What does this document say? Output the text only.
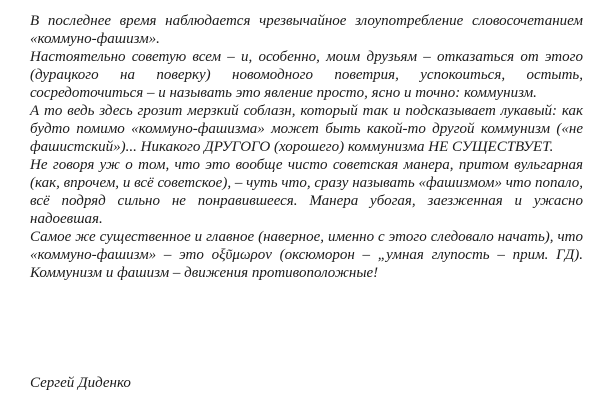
В последнее время наблюдается чрезвычайное злоупотребление словосочетанием «коммуно-фашизм».

Настоятельно советую всем – и, особенно, моим друзьям – отказаться от этого (дурацкого на поверку) новомодного поветрия, успокоиться, остыть, сосредоточиться – и называть это явление просто, ясно и точно: коммунизм.

А то ведь здесь грозит мерзкий соблазн, который так и подсказывает лукавый: как будто помимо «коммуно-фашизма» может быть какой-то другой коммунизм («не фашистский»)... Никакого ДРУГОГО (хорошего) коммунизма НЕ СУЩЕСТВУЕТ.

Не говоря уж о том, что это вообще чисто советская манера, притом вульгарная (как, впрочем, и всё советское), – чуть что, сразу называть «фашизмом» что попало, всё подряд сильно не понравившееся. Манера убогая, заезженная и ужасно надоевшая.

Самое же существенное и главное (наверное, именно с этого следовало начать), что «коммуно-фашизм» – это οξῦμωρον (оксюморон – „умная глупость – прим. ГД). Коммунизм и фашизм – движения противоположные!

Сергей Диденко
